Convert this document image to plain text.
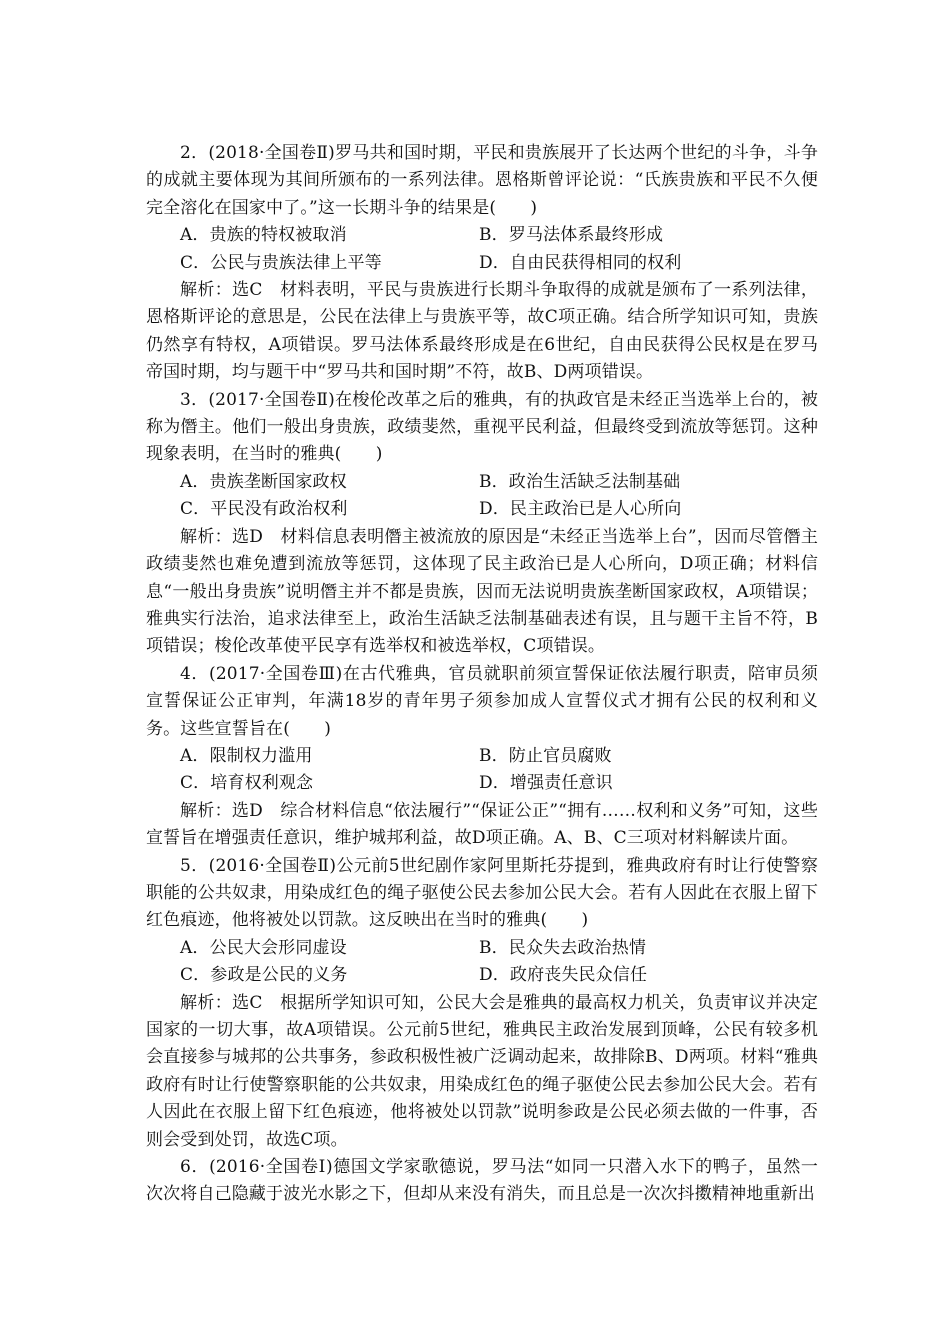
2．(2018·全国卷Ⅱ)罗马共和国时期，平民和贵族展开了长达两个世纪的斗争，斗争的成就主要体现为其间所颁布的一系列法律。恩格斯曾评论说：“氏族贵族和平民不久便完全溶化在国家中了。”这一长期斗争的结果是(　　)

A．贵族的特权被取消	B．罗马法体系最终形成
C．公民与贵族法律上平等	D．自由民获得相同的权利

解析：选C　材料表明，平民与贵族进行长期斗争取得的成就是颁布了一系列法律，恩格斯评论的意思是，公民在法律上与贵族平等，故C项正确。结合所学知识可知，贵族仍然享有特权，A项错误。罗马法体系最终形成是在6世纪，自由民获得公民权是在罗马帝国时期，均与题干中“罗马共和国时期”不符，故B、D两项错误。

3．(2017·全国卷Ⅱ)在梭伦改革之后的雅典，有的执政官是未经正当选举上台的，被称为僭主。他们一般出身贵族，政绩斐然，重视平民利益，但最终受到流放等惩罚。这种现象表明，在当时的雅典(　　)

A．贵族垄断国家政权	B．政治生活缺乏法制基础
C．平民没有政治权利	D．民主政治已是人心所向

解析：选D　材料信息表明僭主被流放的原因是“未经正当选举上台”，因而尽管僭主政绩斐然也难免遭到流放等惩罚，这体现了民主政治已是人心所向，D项正确；材料信息“一般出身贵族”说明僭主并不都是贵族，因而无法说明贵族垄断国家政权，A项错误；雅典实行法治，追求法律至上，政治生活缺乏法制基础表述有误，且与题干主旨不符，B项错误；梭伦改革使平民享有选举权和被选举权，C项错误。

4．(2017·全国卷Ⅲ)在古代雅典，官员就职前须宣誓保证依法履行职责，陪审员须宣誓保证公正审判，年满18岁的青年男子须参加成人宣誓仪式才拥有公民的权利和义务。这些宣誓旨在(　　)

A．限制权力滥用	B．防止官员腐败
C．培育权利观念	D．增强责任意识

解析：选D　综合材料信息“依法履行”“保证公正”“拥有……权利和义务”可知，这些宣誓旨在增强责任意识，维护城邦利益，故D项正确。A、B、C三项对材料解读片面。

5．(2016·全国卷Ⅱ)公元前5世纪剧作家阿里斯托芬提到，雅典政府有时让行使警察职能的公共奴隶，用染成红色的绳子驱使公民去参加公民大会。若有人因此在衣服上留下红色痕迹，他将被处以罚款。这反映出在当时的雅典(　　)

A．公民大会形同虚设	B．民众失去政治热情
C．参政是公民的义务	D．政府丧失民众信任

解析：选C　根据所学知识可知，公民大会是雅典的最高权力机关，负责审议并决定国家的一切大事，故A项错误。公元前5世纪，雅典民主政治发展到顶峰，公民有较多机会直接参与城邦的公共事务，参政积极性被广泛调动起来，故排除B、D两项。材料“雅典政府有时让行使警察职能的公共奴隶，用染成红色的绳子驱使公民去参加公民大会。若有人因此在衣服上留下红色痕迹，他将被处以罚款”说明参政是公民必须去做的一件事，否则会受到处罚，故选C项。

6．(2016·全国卷Ⅰ)德国文学家歌德说，罗马法“如同一只潜入水下的鸭子，虽然一次次将自己隐藏于波光水影之下，但却从来没有消失，而且总是一次次抖擞精神地重新出
